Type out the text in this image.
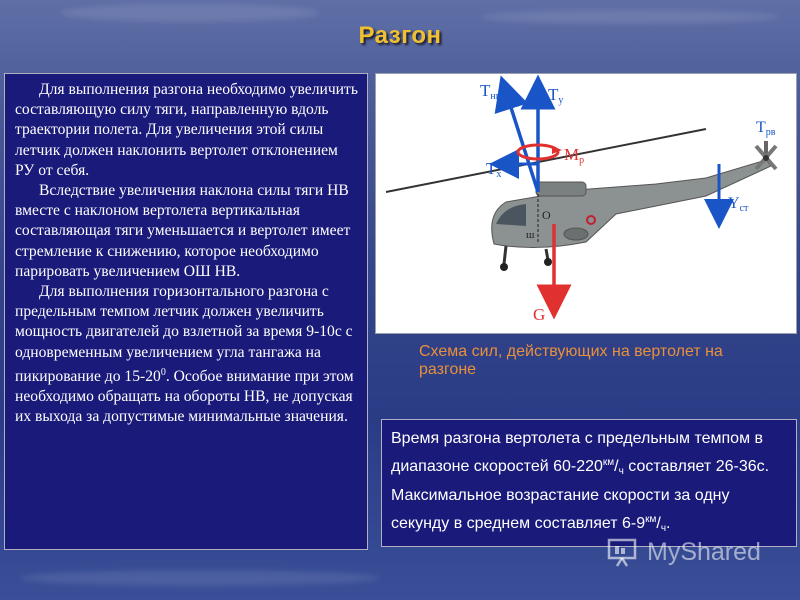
Разгон

Для выполнения разгона необходимо увеличить составляющую силу тяги, направленную вдоль траектории полета. Для увеличения этой силы летчик должен наклонить вертолет отклонением РУ от себя.

Вследствие увеличения наклона силы тяги НВ вместе с наклоном вертолета вертикальная составляющая тяги уменьшается и вертолет имеет стремление к снижению, которое необходимо парировать увеличением ОШ НВ.

Для выполнения горизонтального разгона с предельным темпом летчик должен увеличить мощность двигателей до взлетной за время 9-10с с одновременным увеличением угла тангажа на пикирование до $15-20^0$. Особое внимание при этом необходимо обращать на обороты НВ, не допуская их выхода за допустимые минимальные значения.

Тнв	Ту
Тх
Мр
Трв
Yст
G
О
ш
Схема сил, действующих на вертолет на разгоне

Время разгона вертолета с предельным темпом в диапазоне скоростей $60-220^{км}/_ч$ составляет 26-36с. Максимальное возрастание скорости за одну секунду в среднем составляет $6-9^{км}/_ч$.

MyShared
